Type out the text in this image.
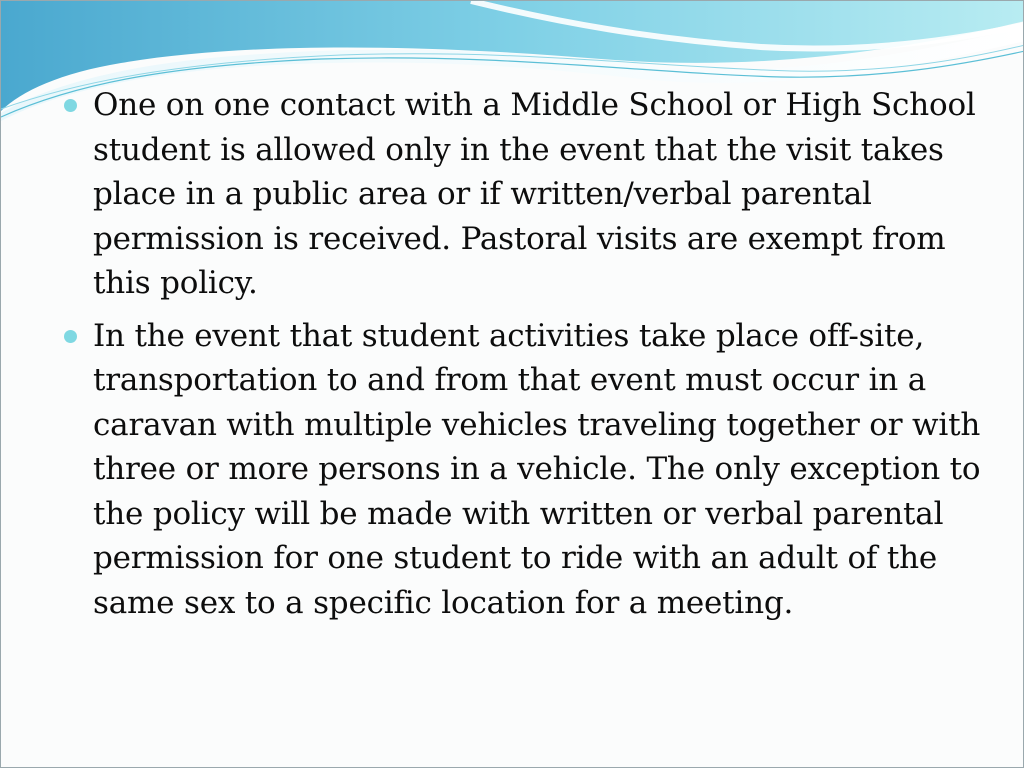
One on one contact with a Middle School or High School student is allowed only in the event that the visit takes place in a public area or if written/verbal parental permission is received. Pastoral visits are exempt from this policy.
In the event that student activities take place off-site, transportation to and from that event must occur in a caravan with multiple vehicles traveling together or with three or more persons in a vehicle. The only exception to the policy will be made with written or verbal parental permission for one student to ride with an adult of the same sex to a specific location for a meeting.
